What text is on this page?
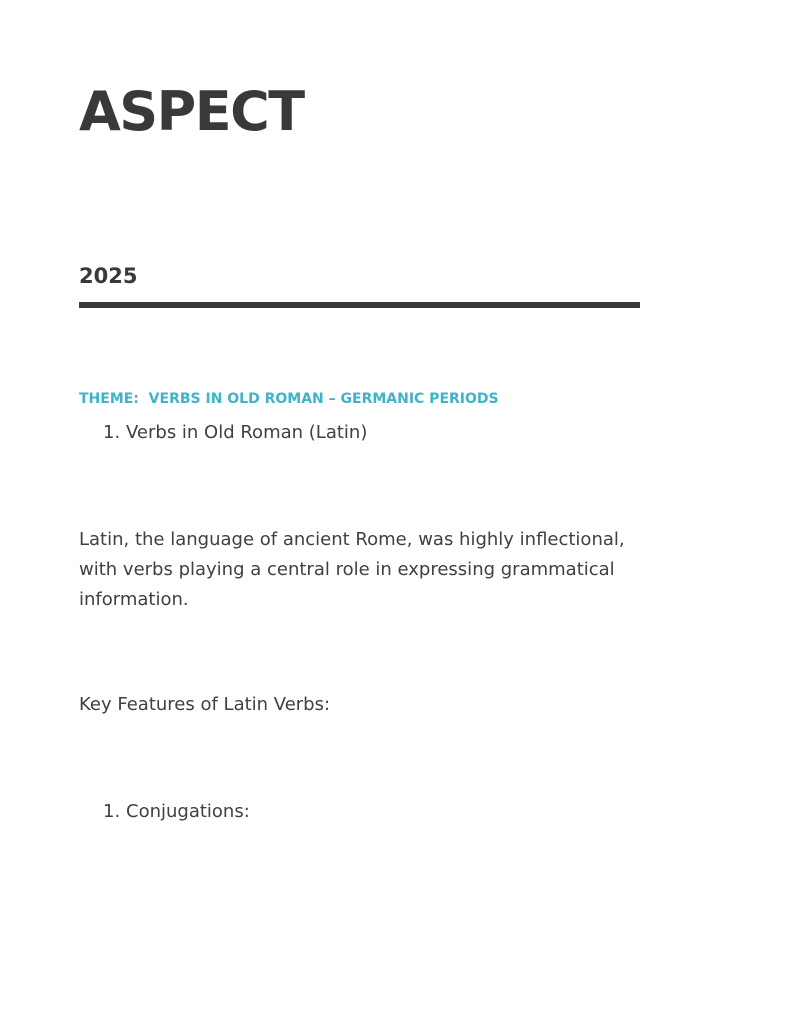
ASPECT
2025

THEME:  VERBS IN OLD ROMAN – GERMANIC PERIODS

1. Verbs in Old Roman (Latin)

Latin, the language of ancient Rome, was highly inflectional, with verbs playing a central role in expressing grammatical information.

Key Features of Latin Verbs:

1. Conjugations:
